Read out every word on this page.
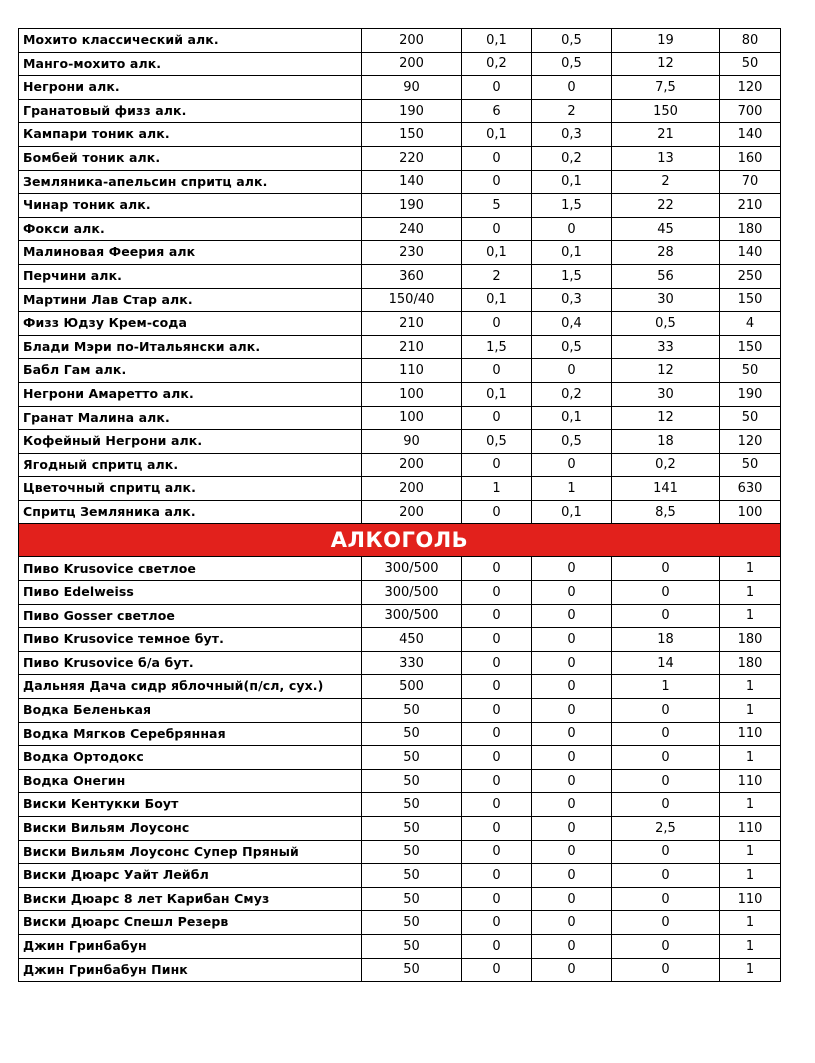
Мохито классический алк.	200	0,1	0,5	19	80
Манго-мохито алк.	200	0,2	0,5	12	50
Негрони алк.	90	0	0	7,5	120
Гранатовый физз алк.	190	6	2	150	700
Кампари тоник алк.	150	0,1	0,3	21	140
Бомбей тоник алк.	220	0	0,2	13	160
Земляника-апельсин спритц алк.	140	0	0,1	2	70
Чинар тоник алк.	190	5	1,5	22	210
Фокси алк.	240	0	0	45	180
Малиновая Феерия алк	230	0,1	0,1	28	140
Перчини алк.	360	2	1,5	56	250
Мартини Лав Стар алк.	150/40	0,1	0,3	30	150
Физз Юдзу Крем-сода	210	0	0,4	0,5	4
Блади Мэри по-Итальянски алк.	210	1,5	0,5	33	150
Бабл Гам алк.	110	0	0	12	50
Негрони Амаретто алк.	100	0,1	0,2	30	190
Гранат Малина алк.	100	0	0,1	12	50
Кофейный Негрони алк.	90	0,5	0,5	18	120
Ягодный спритц алк.	200	0	0	0,2	50
Цветочный спритц алк.	200	1	1	141	630
Спритц Земляника алк.	200	0	0,1	8,5	100
АЛКОГОЛЬ					
Пиво Krusovice светлое	300/500	0	0	0	1
Пиво Edelweiss	300/500	0	0	0	1
Пиво Gosser светлое	300/500	0	0	0	1
Пиво Krusovice темное бут.	450	0	0	18	180
Пиво Krusovice б/а бут.	330	0	0	14	180
Дальняя Дача сидр яблочный(п/сл, сух.)	500	0	0	1	1
Водка Беленькая	50	0	0	0	1
Водка Мягков Серебрянная	50	0	0	0	110
Водка Ортодокс	50	0	0	0	1
Водка Онегин	50	0	0	0	110
Виски Кентукки Боут	50	0	0	0	1
Виски Вильям Лоусонс	50	0	0	2,5	110
Виски Вильям Лоусонс Супер Пряный	50	0	0	0	1
Виски Дюарс Уайт Лейбл	50	0	0	0	1
Виски Дюарс 8 лет Карибан Смуз	50	0	0	0	110
Виски Дюарс Спешл Резерв	50	0	0	0	1
Джин Гринбабун	50	0	0	0	1
Джин Гринбабун Пинк	50	0	0	0	1
